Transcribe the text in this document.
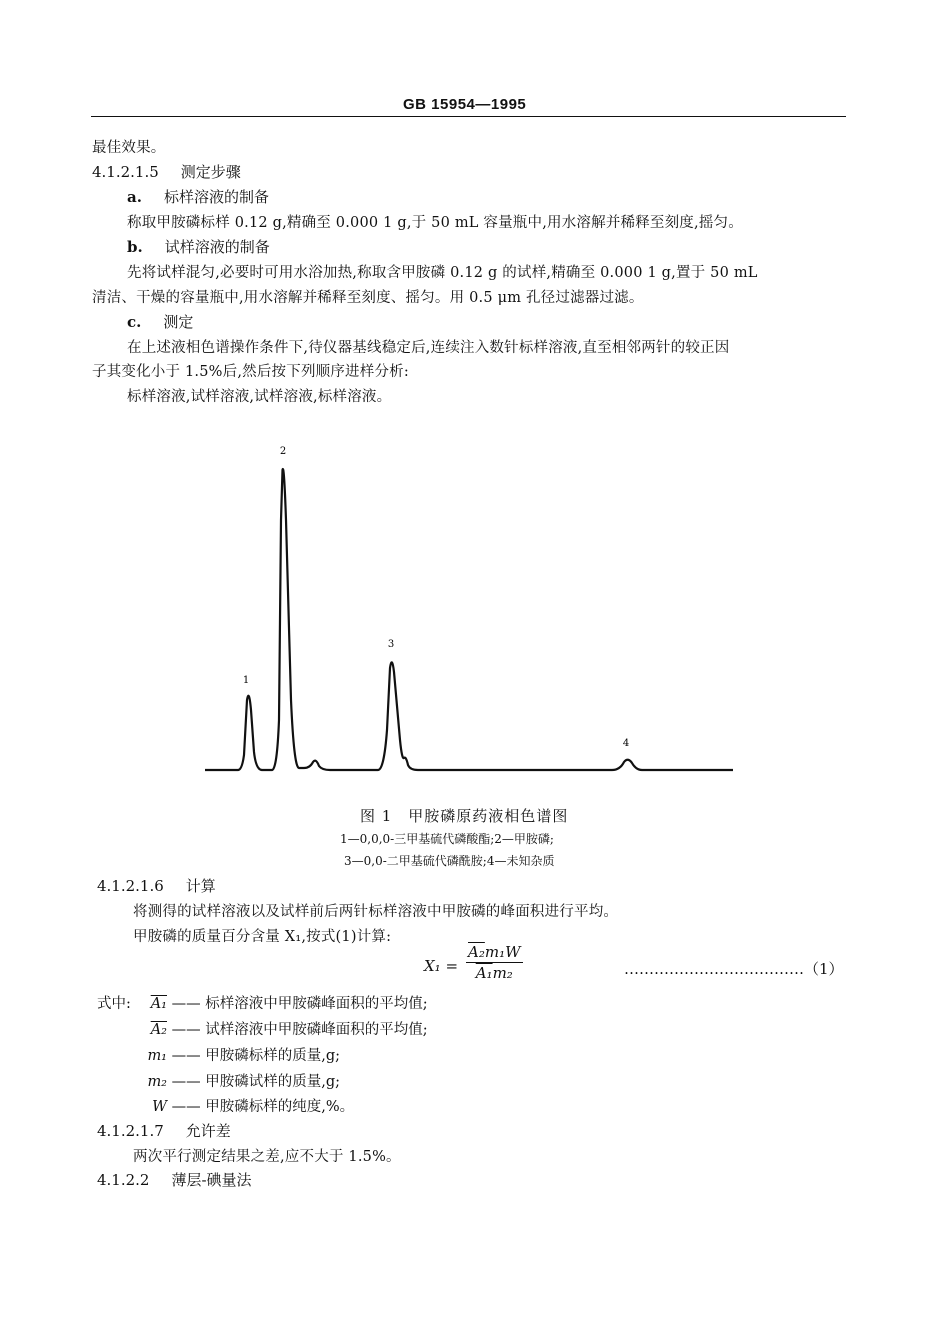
GB 15954—1995
最佳效果。
4.1.2.1.5 测定步骤
a. 标样溶液的制备
称取甲胺磷标样 0.12 g,精确至 0.000 1 g,于 50 mL 容量瓶中,用水溶解并稀释至刻度,摇匀。
b. 试样溶液的制备
先将试样混匀,必要时可用水浴加热,称取含甲胺磷 0.12 g 的试样,精确至 0.000 1 g,置于 50 mL
清洁、干燥的容量瓶中,用水溶解并稀释至刻度、摇匀。用 0.5 μm 孔径过滤器过滤。
c. 测定
在上述液相色谱操作条件下,待仪器基线稳定后,连续注入数针标样溶液,直至相邻两针的较正因
子其变化小于 1.5%后,然后按下列顺序进样分析:
标样溶液,试样溶液,试样溶液,标样溶液。
1
2
3
4
图 1　甲胺磷原药液相色谱图
1—0,0,0-三甲基硫代磷酸酯;2—甲胺磷;
3—0,0-二甲基硫代磷酰胺;4—未知杂质
4.1.2.1.6 计算
将测得的试样溶液以及试样前后两针标样溶液中甲胺磷的峰面积进行平均。
甲胺磷的质量百分含量 X₁,按式(1)计算:
$X_1 = \frac{\text{A₂m₁W}}{\text{A₁m₂}}$	………………………………（1）
式中:	A₁ —— 标样溶液中甲胺磷峰面积的平均值;
A₂ —— 试样溶液中甲胺磷峰面积的平均值;
m₁ —— 甲胺磷标样的质量,g;
m₂ —— 甲胺磷试样的质量,g;
W —— 甲胺磷标样的纯度,%。
4.1.2.1.7 允许差
两次平行测定结果之差,应不大于 1.5%。
4.1.2.2 薄层-碘量法
